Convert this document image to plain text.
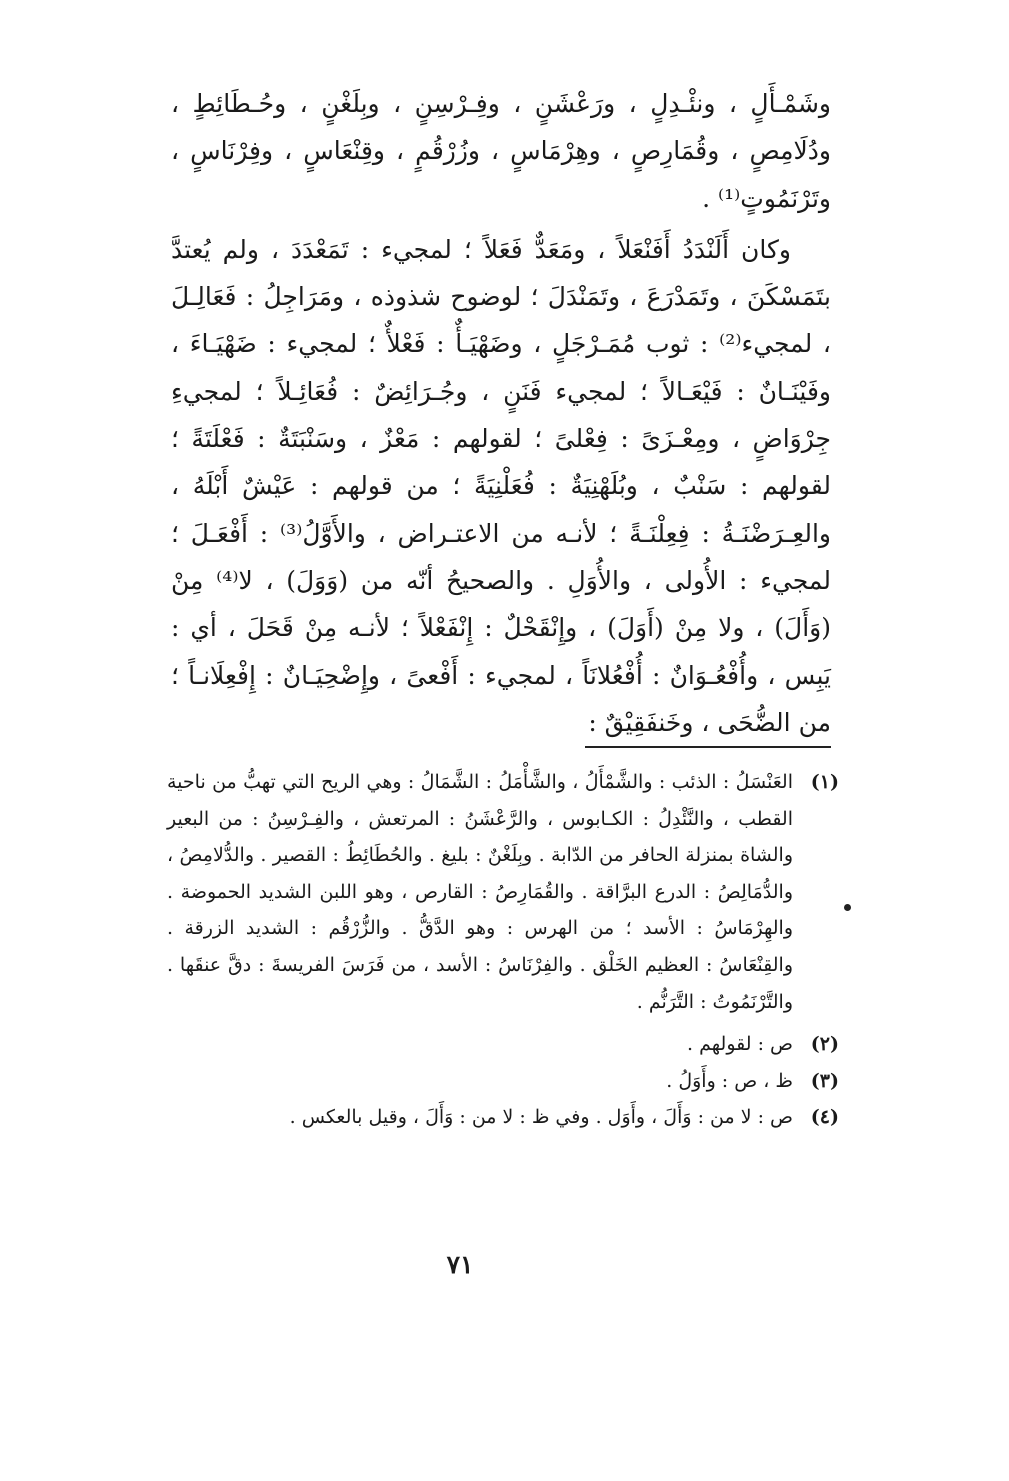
وشَمْـأَلٍ ، ونئْـدِلٍ ، ورَعْشَنٍ ، وفِـرْسِنٍ ، وبِلَغْنٍ ، وحُـطَائِطٍ ، ودُلَامِصٍ ، وقُمَارِصٍ ، وهِرْمَاسٍ ، وزُرْقُمٍ ، وقِنْعَاسٍ ، وفِرْنَاسٍ ، وتَرْنَمُوتٍ⁽¹⁾ .

وكان أَلَنْدَدُ أَفَنْعَلاً ، ومَعَدٌّ فَعَلاً ؛ لمجيء : تَمَعْدَدَ ، ولم يُعتدَّ بتَمَسْكَنَ ، وتَمَدْرَعَ ، وتَمَنْدَلَ ؛ لوضوح شذوذه ، ومَرَاجِلُ : فَعَالِـلَ ، لمجيء⁽²⁾ : ثوب مُمَـرْجَلٍ ، وضَهْيَـأٌ : فَعْلأٌ ؛ لمجيء : ضَهْيَـاءَ ، وفَيْنَـانٌ : فَيْعَـالاً ؛ لمجيء فَنَنٍ ، وجُـرَائِضٌ : فُعَائِـلاً ؛ لمجيءِ جِرْوَاضٍ ، ومِعْـزَىً : فِعْلىً ؛ لقولهم : مَعْزٌ ، وسَنْبَتَةٌ : فَعْلَتَةً ؛ لقولهم : سَنْبٌ ، وبُلَهْنِيَةٌ : فُعَلْنِيَةً ؛ من قولهم : عَيْشٌ أَبْلَهُ ، والعِـرَضْنَـةُ : فِعِلْنَـةً ؛ لأنـه من الاعتـراض ، والأَوَّلُ⁽³⁾ : أَفْعَـلَ ؛ لمجيء : الأُولى ، والأُوَلِ . والصحيحُ أنّه من (وَوَلَ) ، لا⁽⁴⁾ مِنْ (وَأَلَ) ، ولا مِنْ (أَوَلَ) ، وإِنْقَحْلٌ : إِنْفَعْلاً ؛ لأنـه مِنْ قَحَلَ ، أي : يَبِس ، وأُفْعُـوَانٌ : أُفْعُلانَاً ، لمجيء : أَفْعىً ، وإِضْحِيَـانٌ : إِفْعِلَانـاً ؛ من الضُّحَى ، وخَنفَقِيْقٌ :

(١)
العَنْسَلُ : الذئب : والشَّمْأَلُ ، والشَّأْمَلُ : الشَّمَالُ : وهي الريح التي تهبُّ من ناحية القطب ، والنَّئْدِلُ : الكـابوس ، والرَّعْشَنُ : المرتعش ، والفِـرْسِنُ : من البعير والشاة بمنزلة الحافر من الدّابة . وبِلَغْنٌ : بليغ . والحُطَائِطُ : القصير . والدُّلامِصُ ، والدُّمَالِصُ : الدرع البرَّاقة . والقُمَارِصُ : القارص ، وهو اللبن الشديد الحموضة . والهِرْمَاسُ : الأسد ؛ من الهرس : وهو الدَّقُّ . والزُّرْقُم : الشديد الزرقة . والقِنْعَاسُ : العظيم الخَلْق . والفِرْنَاسُ : الأسد ، من فَرَسَ الفريسةَ : دقَّ عنقَها . والتَّرْنَمُوتُ : التَّرَنُّم .
(٢)
ص : لقولهم .
(٣)
ظ ، ص : وأَوَلُ .
(٤)
ص : لا من : وَأَلَ ، وأَوَل . وفي ظ : لا من : وَأَلَ ، وقيل بالعكس .
٧١
